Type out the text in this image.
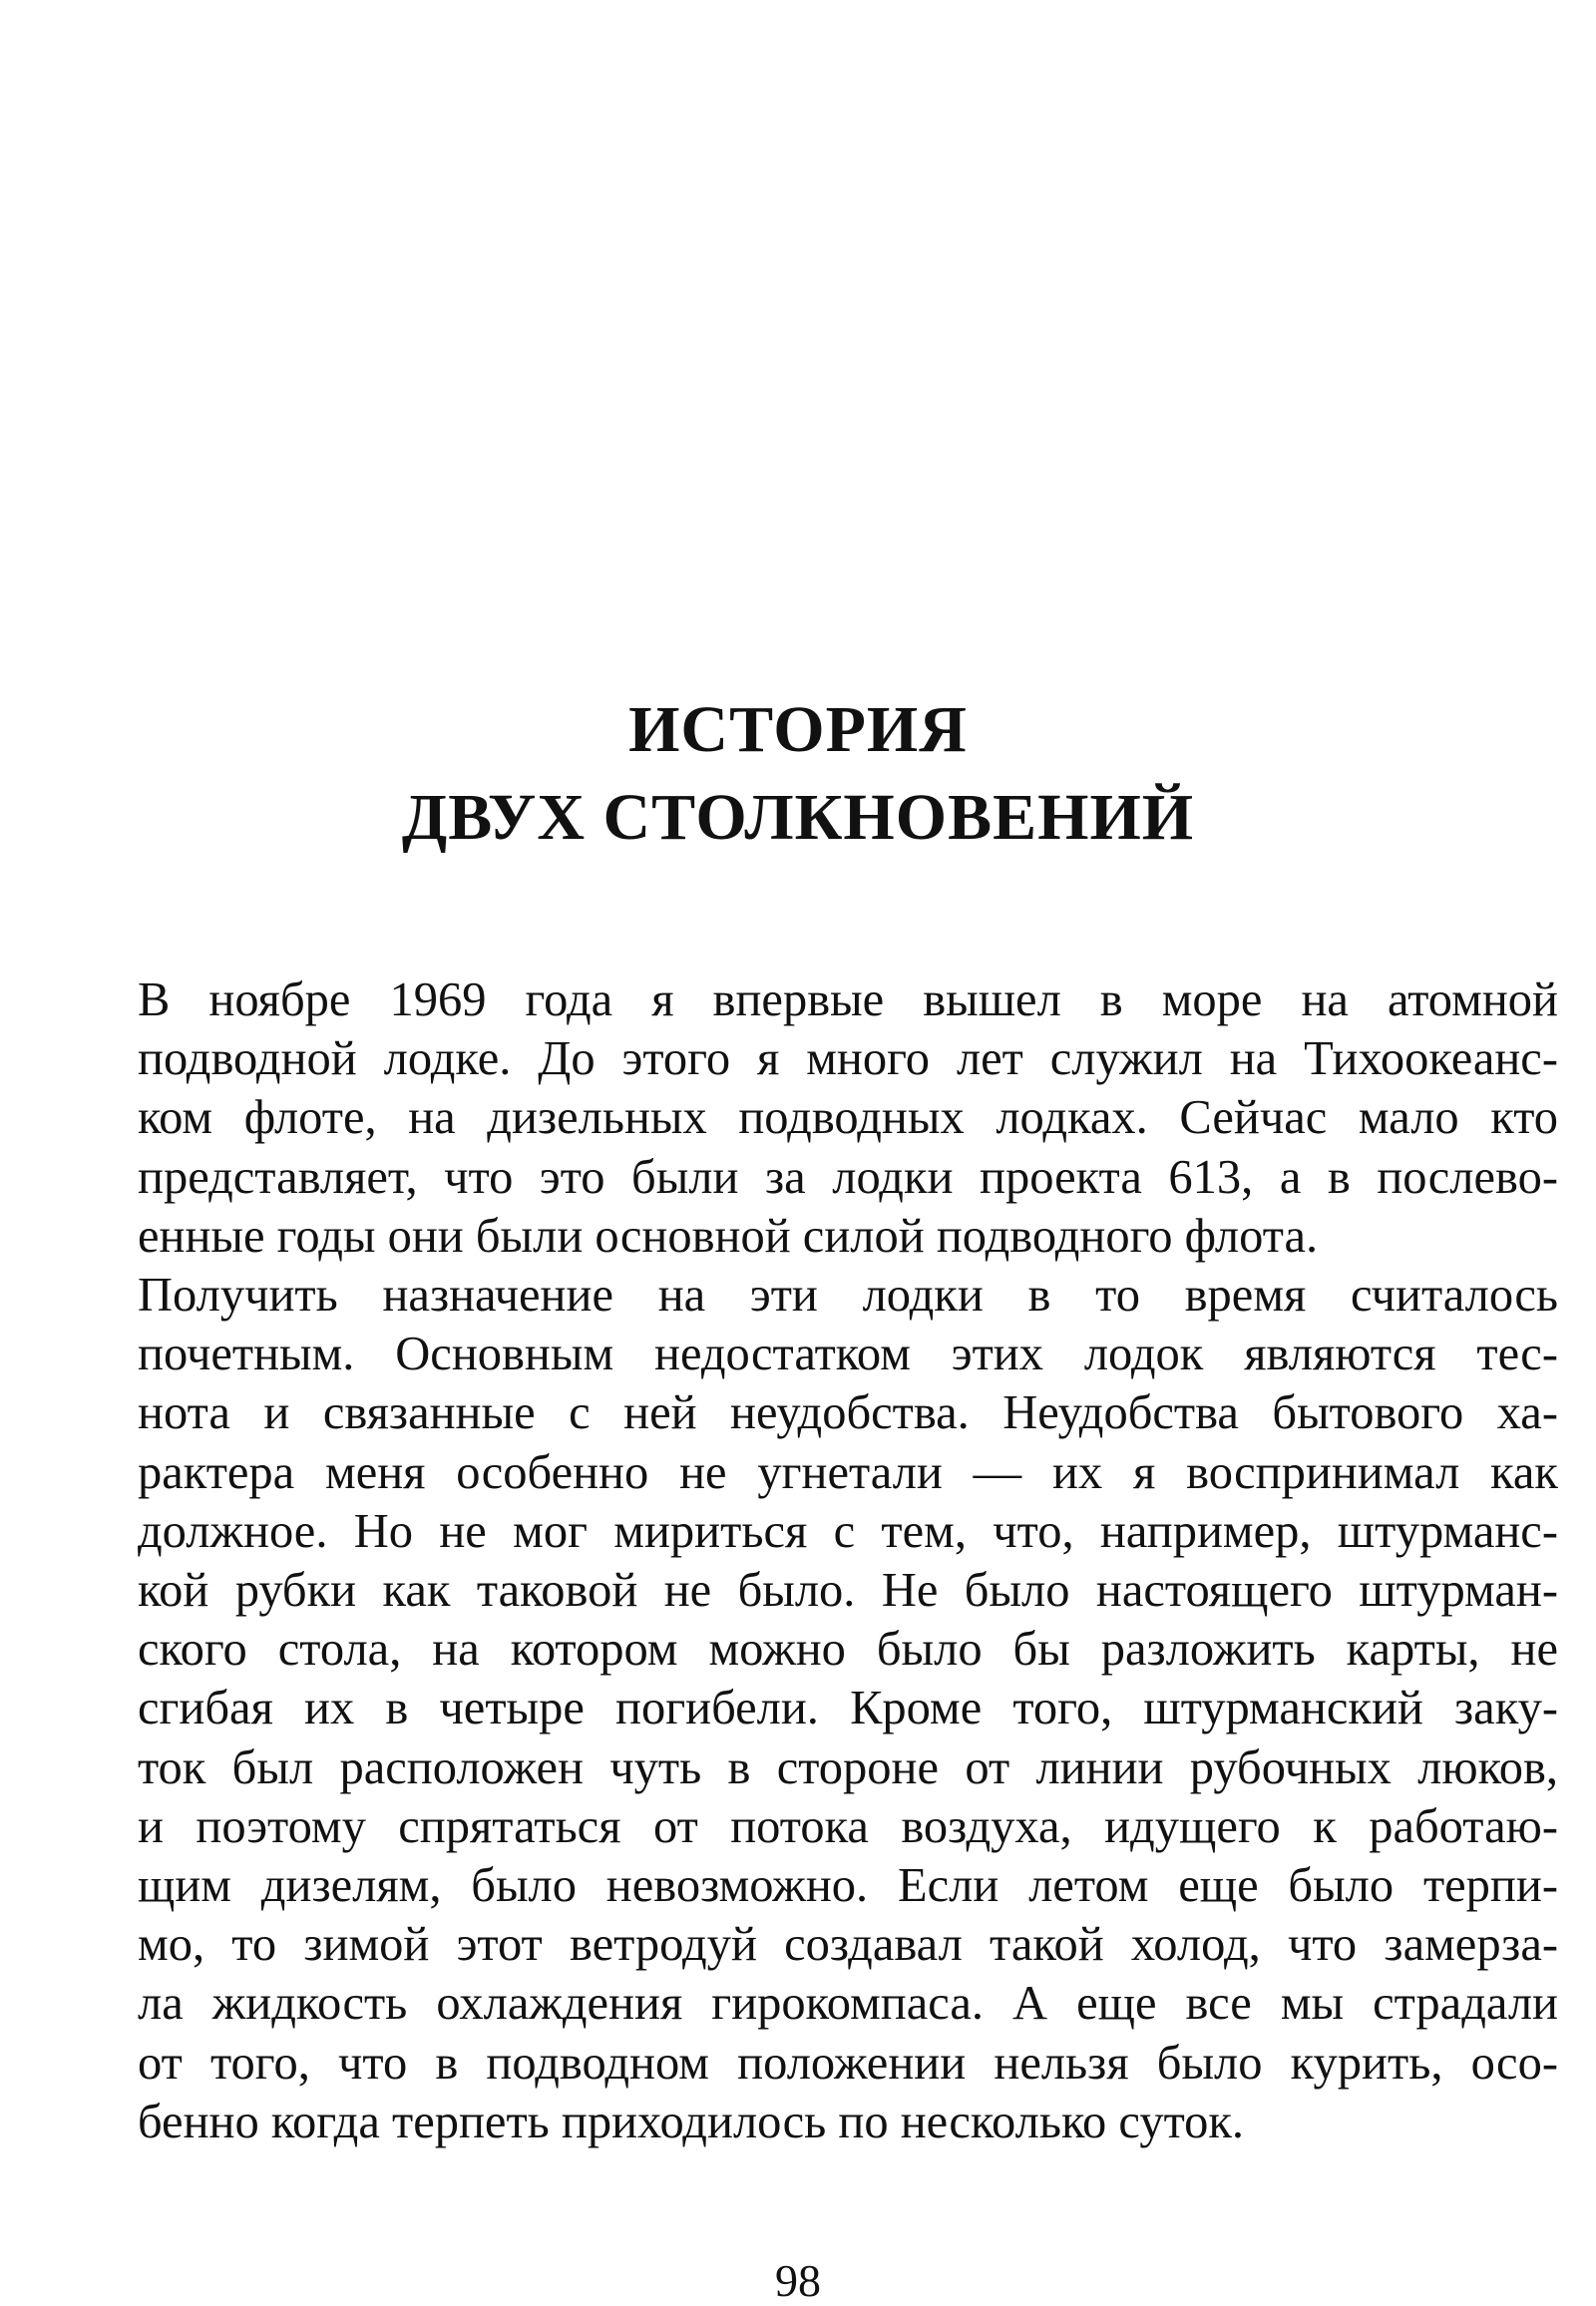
ИСТОРИЯ
ДВУХ СТОЛКНОВЕНИЙ

В ноябре 1969 года я впервые вышел в море на атомной
подводной лодке. До этого я много лет служил на Тихоокеанс-
ком флоте, на дизельных подводных лодках. Сейчас мало кто
представляет, что это были за лодки проекта 613, а в послево-
енные годы они были основной силой подводного флота.

Получить назначение на эти лодки в то время считалось
почетным. Основным недостатком этих лодок являются тес-
нота и связанные с ней неудобства. Неудобства бытового ха-
рактера меня особенно не угнетали — их я воспринимал как
должное. Но не мог мириться с тем, что, например, штурманс-
кой рубки как таковой не было. Не было настоящего штурман-
ского стола, на котором можно было бы разложить карты, не
сгибая их в четыре погибели. Кроме того, штурманский заку-
ток был расположен чуть в стороне от линии рубочных люков,
и поэтому спрятаться от потока воздуха, идущего к работаю-
щим дизелям, было невозможно. Если летом еще было терпи-
мо, то зимой этот ветродуй создавал такой холод, что замерза-
ла жидкость охлаждения гирокомпаса. А еще все мы страдали
от того, что в подводном положении нельзя было курить, осо-
бенно когда терпеть приходилось по несколько суток.

98
